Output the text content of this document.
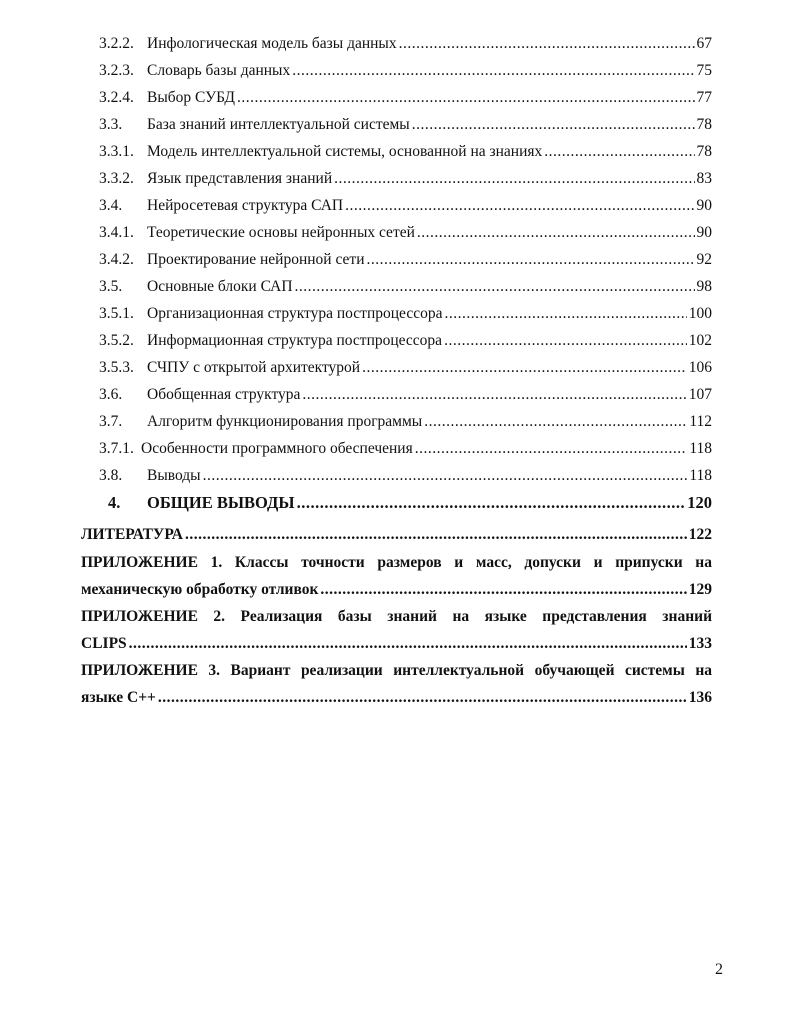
3.2.2. Инфологическая модель базы данных .....	67
3.2.3. Словарь базы данных .....	75
3.2.4. Выбор СУБД .....	77
3.3. База знаний интеллектуальной системы .....	78
3.3.1. Модель интеллектуальной системы, основанной на знаниях .....	78
3.3.2. Язык представления знаний .....	83
3.4. Нейросетевая структура САП .....	90
3.4.1. Теоретические основы нейронных сетей .....	90
3.4.2. Проектирование нейронной сети .....	92
3.5. Основные блоки САП .....	98
3.5.1. Организационная структура постпроцессора .....	100
3.5.2. Информационная структура постпроцессора .....	102
3.5.3. СЧПУ с открытой архитектурой .....	106
3.6. Обобщенная структура .....	107
3.7. Алгоритм функционирования программы .....	112
3.7.1. Особенности программного обеспечения .....	118
3.8. Выводы .....	118
4. ОБЩИЕ ВЫВОДЫ .....	120
ЛИТЕРАТУРА .....	122
ПРИЛОЖЕНИЕ 1. Классы точности размеров и масс, допуски и припуски на
механическую обработку отливок .....	129
ПРИЛОЖЕНИЕ 2. Реализация базы знаний на языке представления знаний
CLIPS .....	133
ПРИЛОЖЕНИЕ 3. Вариант реализации интеллектуальной обучающей системы на
языке С++ .....	136
2
